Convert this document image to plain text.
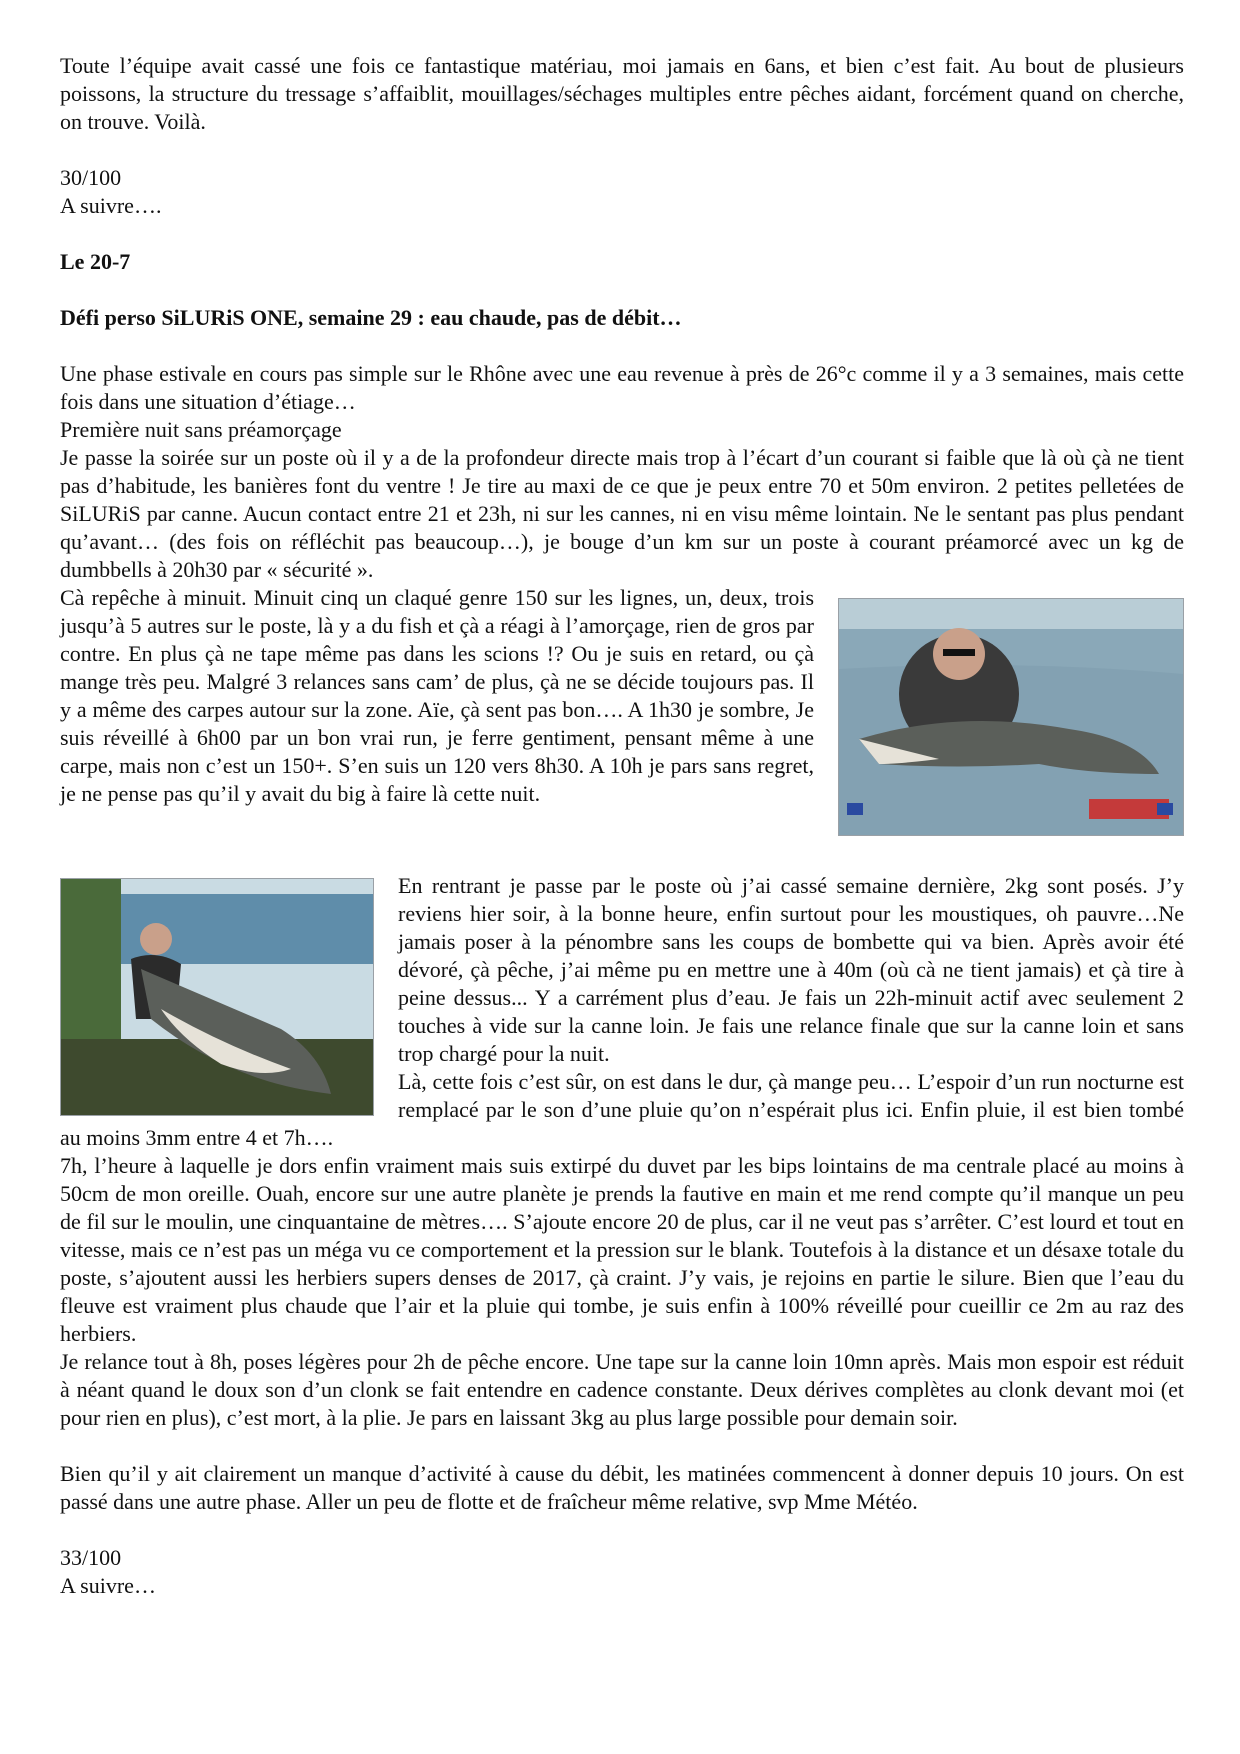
Toute l’équipe avait cassé une fois ce fantastique matériau, moi jamais en 6ans, et bien c’est fait. Au bout de plusieurs poissons, la structure du tressage s’affaiblit, mouillages/séchages multiples entre pêches aidant, forcément quand on cherche, on trouve. Voilà.

30/100

A suivre….

Le 20-7

Défi perso SiLURiS ONE, semaine 29 : eau chaude, pas de débit…

Une phase estivale en cours pas simple sur le Rhône avec une eau revenue à près de 26°c comme il y a 3 semaines, mais cette fois dans une situation d’étiage…

Première nuit sans préamorçage

Je passe la soirée sur un poste où il y a de la profondeur directe mais trop à l’écart d’un courant si faible que là où çà ne tient pas d’habitude, les banières font du ventre ! Je tire au maxi de ce que je peux entre 70 et 50m environ. 2 petites pelletées de SiLURiS par canne. Aucun contact entre 21 et 23h, ni sur les cannes, ni en visu même lointain. Ne le sentant pas plus pendant qu’avant… (des fois on réfléchit pas beaucoup…), je bouge d’un km sur un poste à courant préamorcé avec un kg de dumbbells à 20h30 par « sécurité ».

Cà repêche à minuit. Minuit cinq un claqué genre 150 sur les lignes, un, deux, trois jusqu’à 5 autres sur le poste, là y a du fish et çà a réagi à l’amorçage, rien de gros par contre. En plus çà ne tape même pas dans les scions !? Ou je suis en retard, ou çà mange très peu. Malgré 3 relances sans cam’ de plus, çà ne se décide toujours pas. Il y a même des carpes autour sur la zone. Aïe, çà sent pas bon…. A 1h30 je sombre, Je suis réveillé à 6h00 par un bon vrai run, je ferre gentiment, pensant même à une carpe, mais non c’est un 150+. S’en suis un 120 vers 8h30. A 10h je pars sans regret, je ne pense pas qu’il y avait du big à faire là cette nuit.

En rentrant je passe par le poste où j’ai cassé semaine dernière, 2kg sont posés. J’y reviens hier soir, à la bonne heure, enfin surtout pour les moustiques, oh pauvre…Ne jamais poser à la pénombre sans les coups de bombette qui va bien. Après avoir été dévoré, çà pêche, j’ai même pu en mettre une à 40m (où cà ne tient jamais) et çà tire à peine dessus... Y a carrément plus d’eau. Je fais un 22h-minuit actif avec seulement 2 touches à vide sur la canne loin. Je fais une relance finale que sur la canne loin et sans trop chargé pour la nuit.

Là, cette fois c’est sûr, on est dans le dur, çà mange peu… L’espoir d’un run nocturne est remplacé par le son d’une pluie qu’on n’espérait plus ici. Enfin pluie, il est bien tombé au moins 3mm entre 4 et 7h….

7h, l’heure à laquelle je dors enfin vraiment mais suis extirpé du duvet par les bips lointains de ma centrale placé au moins à 50cm de mon oreille. Ouah, encore sur une autre planète je prends la fautive en main et me rend compte qu’il manque un peu de fil sur le moulin, une cinquantaine de mètres…. S’ajoute encore 20 de plus, car il ne veut pas s’arrêter. C’est lourd et tout en vitesse, mais ce n’est pas un méga vu ce comportement et la pression sur le blank. Toutefois à la distance et un désaxe totale du poste, s’ajoutent aussi les herbiers supers denses de 2017, çà craint. J’y vais, je rejoins en partie le silure. Bien que l’eau du fleuve est vraiment plus chaude que l’air et la pluie qui tombe, je suis enfin à 100% réveillé pour cueillir ce 2m au raz des herbiers.

Je relance tout à 8h, poses légères pour 2h de pêche encore. Une tape sur la canne loin 10mn après. Mais mon espoir est réduit à néant quand le doux son d’un clonk se fait entendre en cadence constante. Deux dérives complètes au clonk devant moi (et pour rien en plus), c’est mort, à la plie. Je pars en laissant 3kg au plus large possible pour demain soir.

Bien qu’il y ait clairement un manque d’activité à cause du débit, les matinées commencent à donner depuis 10 jours. On est passé dans une autre phase. Aller un peu de flotte et de fraîcheur même relative, svp Mme Météo.

33/100

A suivre…
